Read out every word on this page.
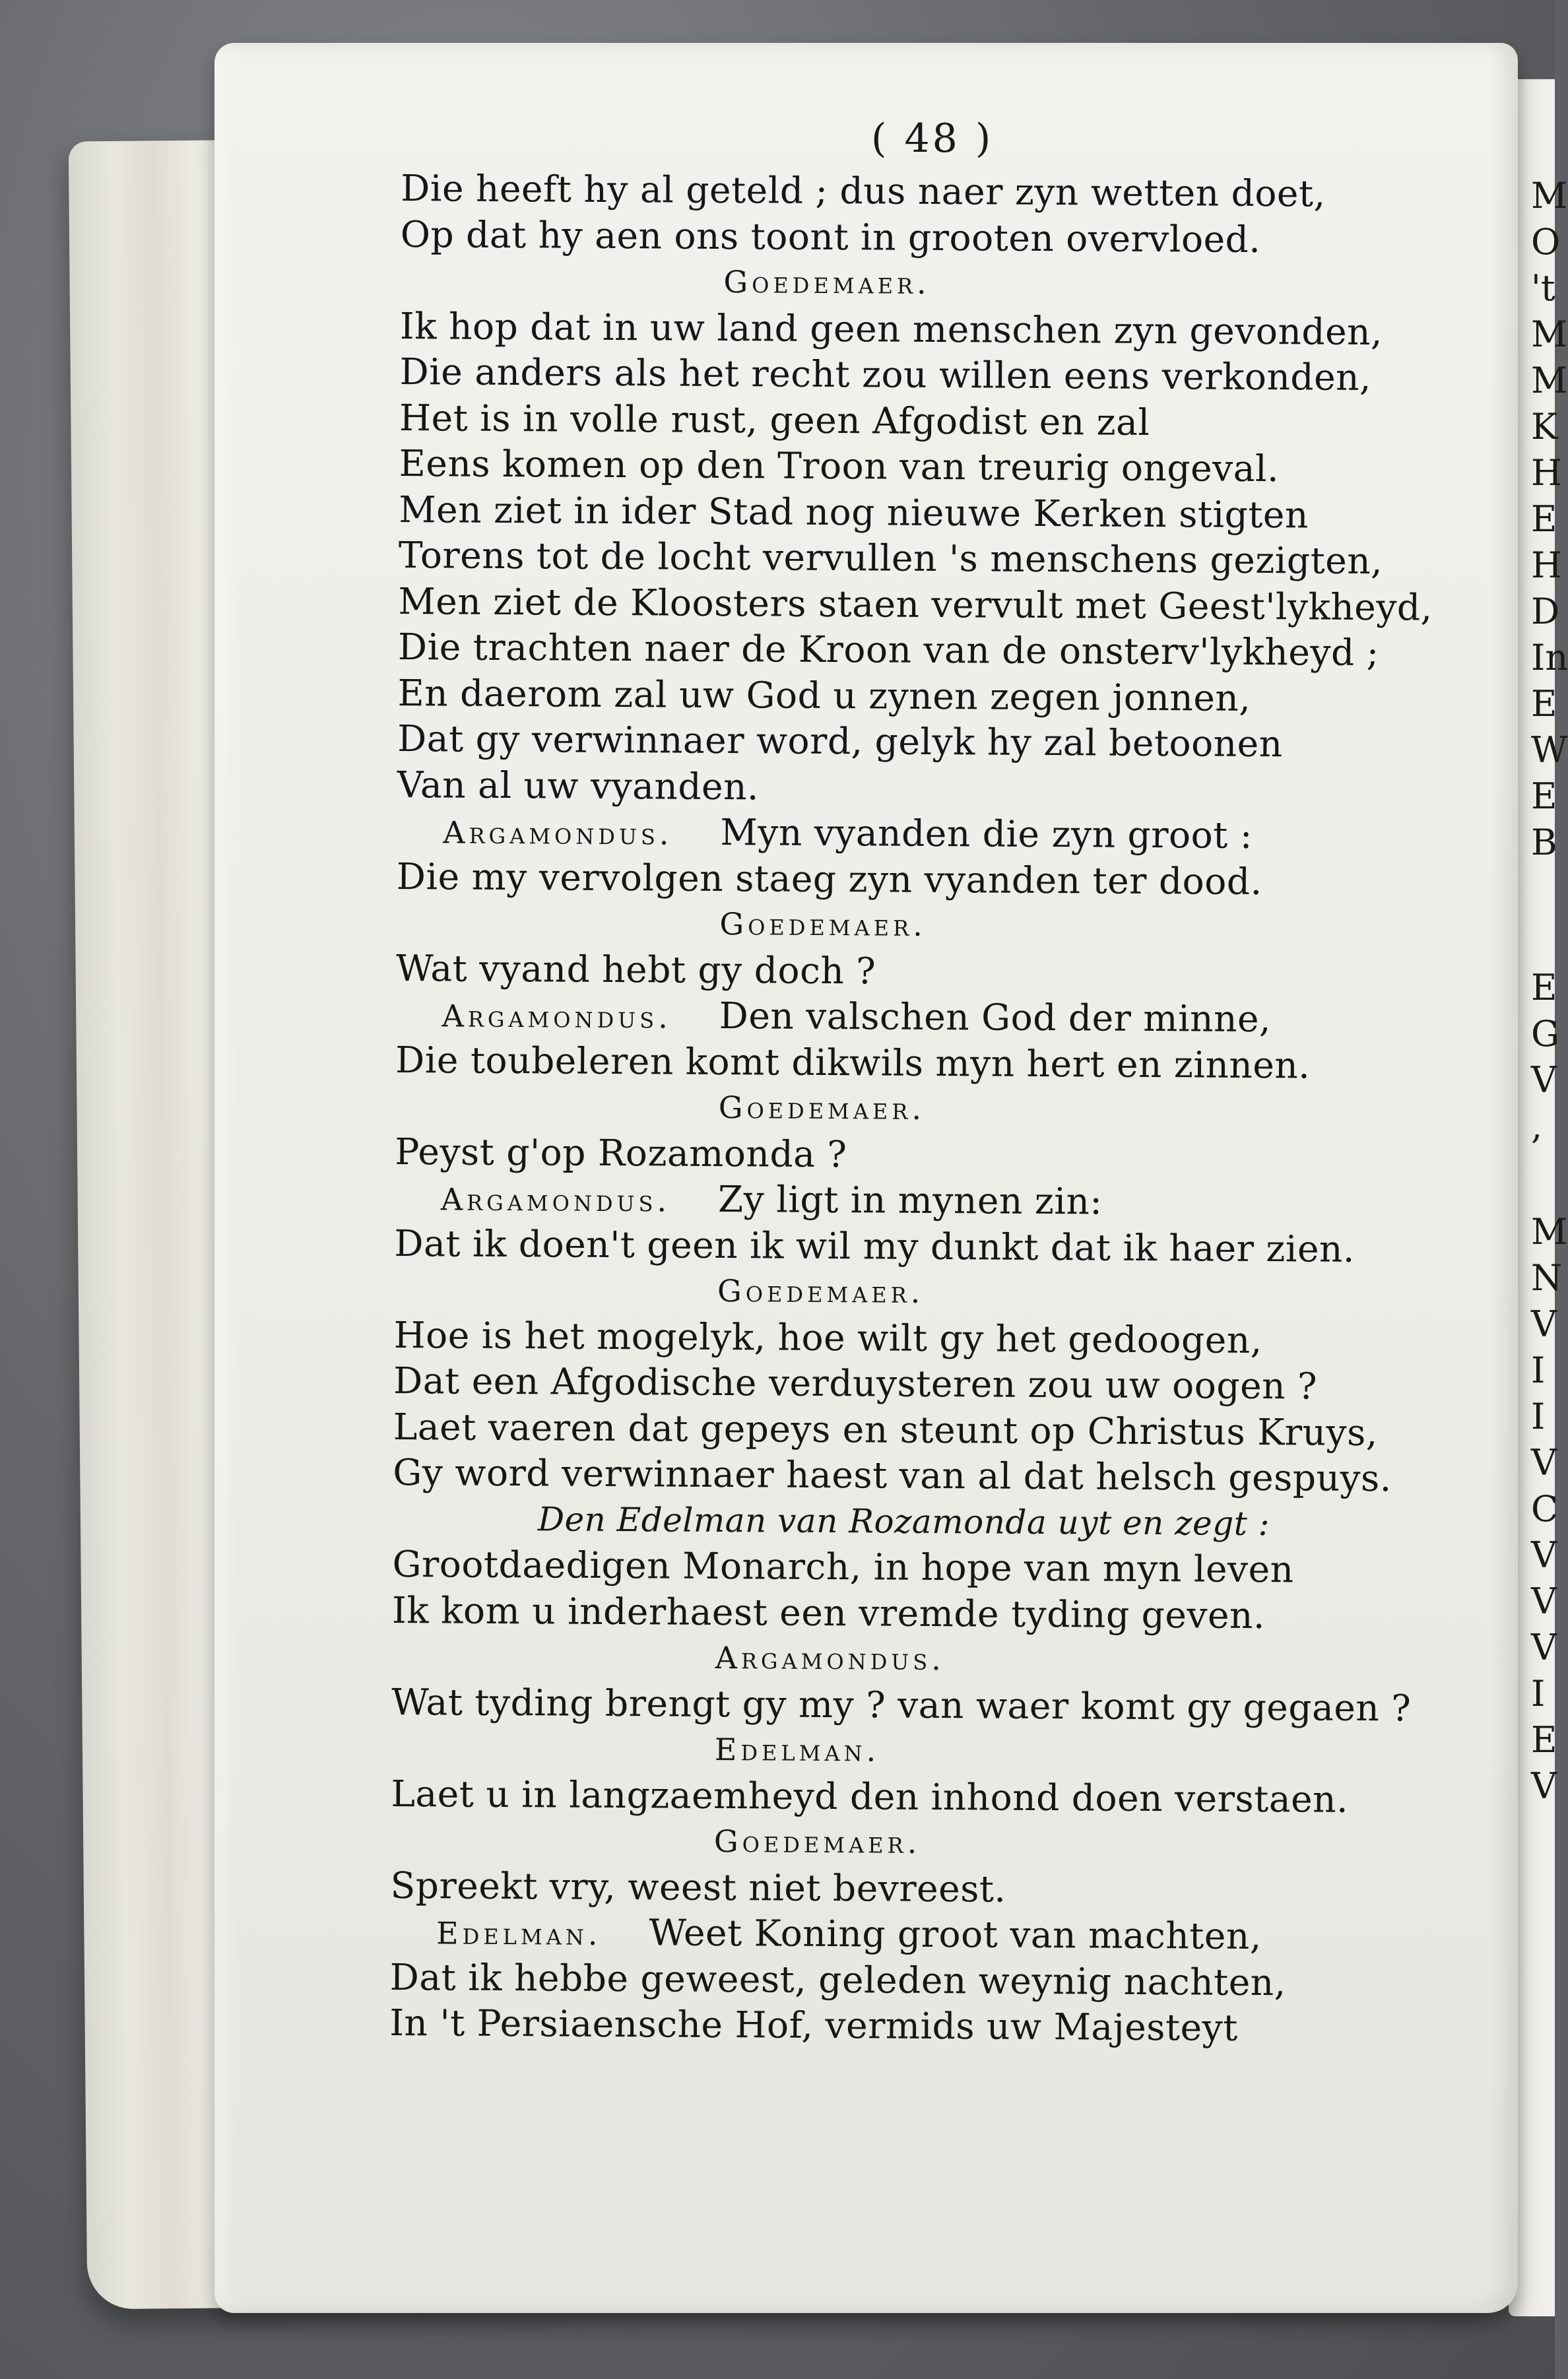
M
O
't
M
M
K
H
E
H
D
In
E
W
E
B
E
G
V
,
M
N
V
I
I
V
C
V
V
V
I
E
V
( 48 )
Die heeft hy al geteld ; dus naer zyn wetten doet,
Op dat hy aen ons toont in grooten overvloed.
Goedemaer.
Ik hop dat in uw land geen menschen zyn gevonden,
Die anders als het recht zou willen eens verkonden,
Het is in volle rust, geen Afgodist en zal
Eens komen op den Troon van treurig ongeval.
Men ziet in ider Stad nog nieuwe Kerken stigten
Torens tot de locht vervullen 's menschens gezigten,
Men ziet de Kloosters staen vervult met Geest'lykheyd,
Die trachten naer de Kroon van de onsterv'lykheyd ;
En daerom zal uw God u zynen zegen jonnen,
Dat gy verwinnaer word, gelyk hy zal betoonen
Van al uw vyanden.
Argamondus. Myn vyanden die zyn groot :
Die my vervolgen staeg zyn vyanden ter dood.
Goedemaer.
Wat vyand hebt gy doch ?
Argamondus. Den valschen God der minne,
Die toubeleren komt dikwils myn hert en zinnen.
Goedemaer.
Peyst g'op Rozamonda ?
Argamondus. Zy ligt in mynen zin:
Dat ik doen't geen ik wil my dunkt dat ik haer zien.
Goedemaer.
Hoe is het mogelyk, hoe wilt gy het gedoogen,
Dat een Afgodische verduysteren zou uw oogen ?
Laet vaeren dat gepeys en steunt op Christus Kruys,
Gy word verwinnaer haest van al dat helsch gespuys.
Den Edelman van Rozamonda uyt en zegt :
Grootdaedigen Monarch, in hope van myn leven
Ik kom u inderhaest een vremde tyding geven.
Argamondus.
Wat tyding brengt gy my ? van waer komt gy gegaen ?
Edelman.
Laet u in langzaemheyd den inhond doen verstaen.
Goedemaer.
Spreekt vry, weest niet bevreest.
Edelman. Weet Koning groot van machten,
Dat ik hebbe geweest, geleden weynig nachten,
In 't Persiaensche Hof, vermids uw Majesteyt
